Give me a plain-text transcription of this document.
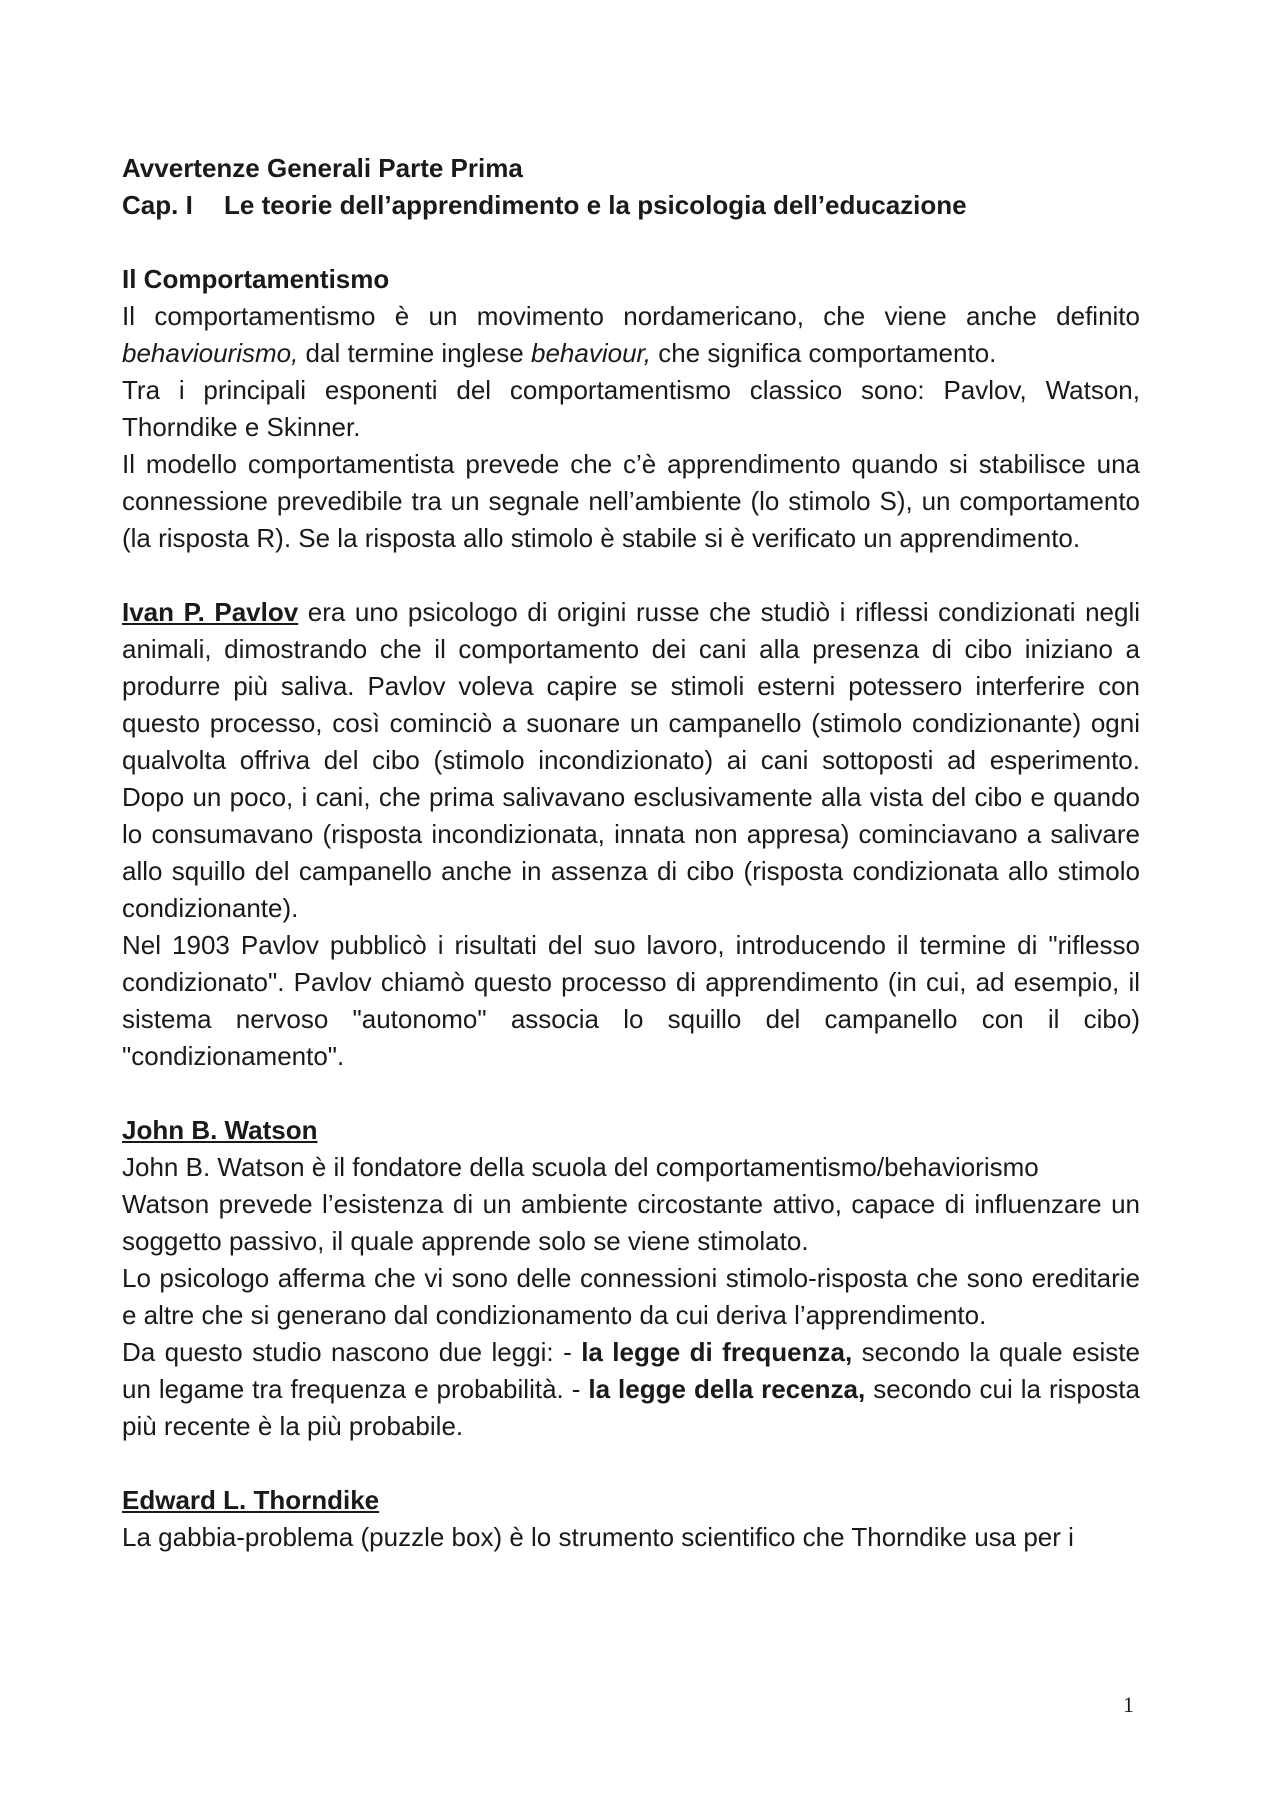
Avvertenze Generali Parte Prima
Cap. I	Le teorie dell’apprendimento e la psicologia dell’educazione
Il Comportamentismo

Il comportamentismo è un movimento nordamericano, che viene anche definito behaviourismo, dal termine inglese behaviour, che significa comportamento.

Tra i principali esponenti del comportamentismo classico sono: Pavlov, Watson, Thorndike e Skinner.

Il modello comportamentista prevede che c’è apprendimento quando si stabilisce una connessione prevedibile tra un segnale nell’ambiente (lo stimolo S), un comportamento (la risposta R). Se la risposta allo stimolo è stabile si è verificato un apprendimento.

Ivan P. Pavlov era uno psicologo di origini russe che studiò i riflessi condizionati negli animali, dimostrando che il comportamento dei cani alla presenza di cibo iniziano a produrre più saliva. Pavlov voleva capire se stimoli esterni potessero interferire con questo processo, così cominciò a suonare un campanello (stimolo condizionante) ogni qualvolta offriva del cibo (stimolo incondizionato) ai cani sottoposti ad esperimento. Dopo un poco, i cani, che prima salivavano esclusivamente alla vista del cibo e quando lo consumavano (risposta incondizionata, innata non appresa) cominciavano a salivare allo squillo del campanello anche in assenza di cibo (risposta condizionata allo stimolo condizionante).

Nel 1903 Pavlov pubblicò i risultati del suo lavoro, introducendo il termine di "riflesso condizionato". Pavlov chiamò questo processo di apprendimento (in cui, ad esempio, il sistema nervoso "autonomo" associa lo squillo del campanello con il cibo) "condizionamento".

John B. Watson

John B. Watson è il fondatore della scuola del comportamentismo/behaviorismo

Watson prevede l’esistenza di un ambiente circostante attivo, capace di influenzare un soggetto passivo, il quale apprende solo se viene stimolato.

Lo psicologo afferma che vi sono delle connessioni stimolo-risposta che sono ereditarie e altre che si generano dal condizionamento da cui deriva l’apprendimento.

Da questo studio nascono due leggi: - la legge di frequenza, secondo la quale esiste un legame tra frequenza e probabilità. - la legge della recenza, secondo cui la risposta più recente è la più probabile.

Edward L. Thorndike

La gabbia-problema (puzzle box) è lo strumento scientifico che Thorndike usa per i

1
